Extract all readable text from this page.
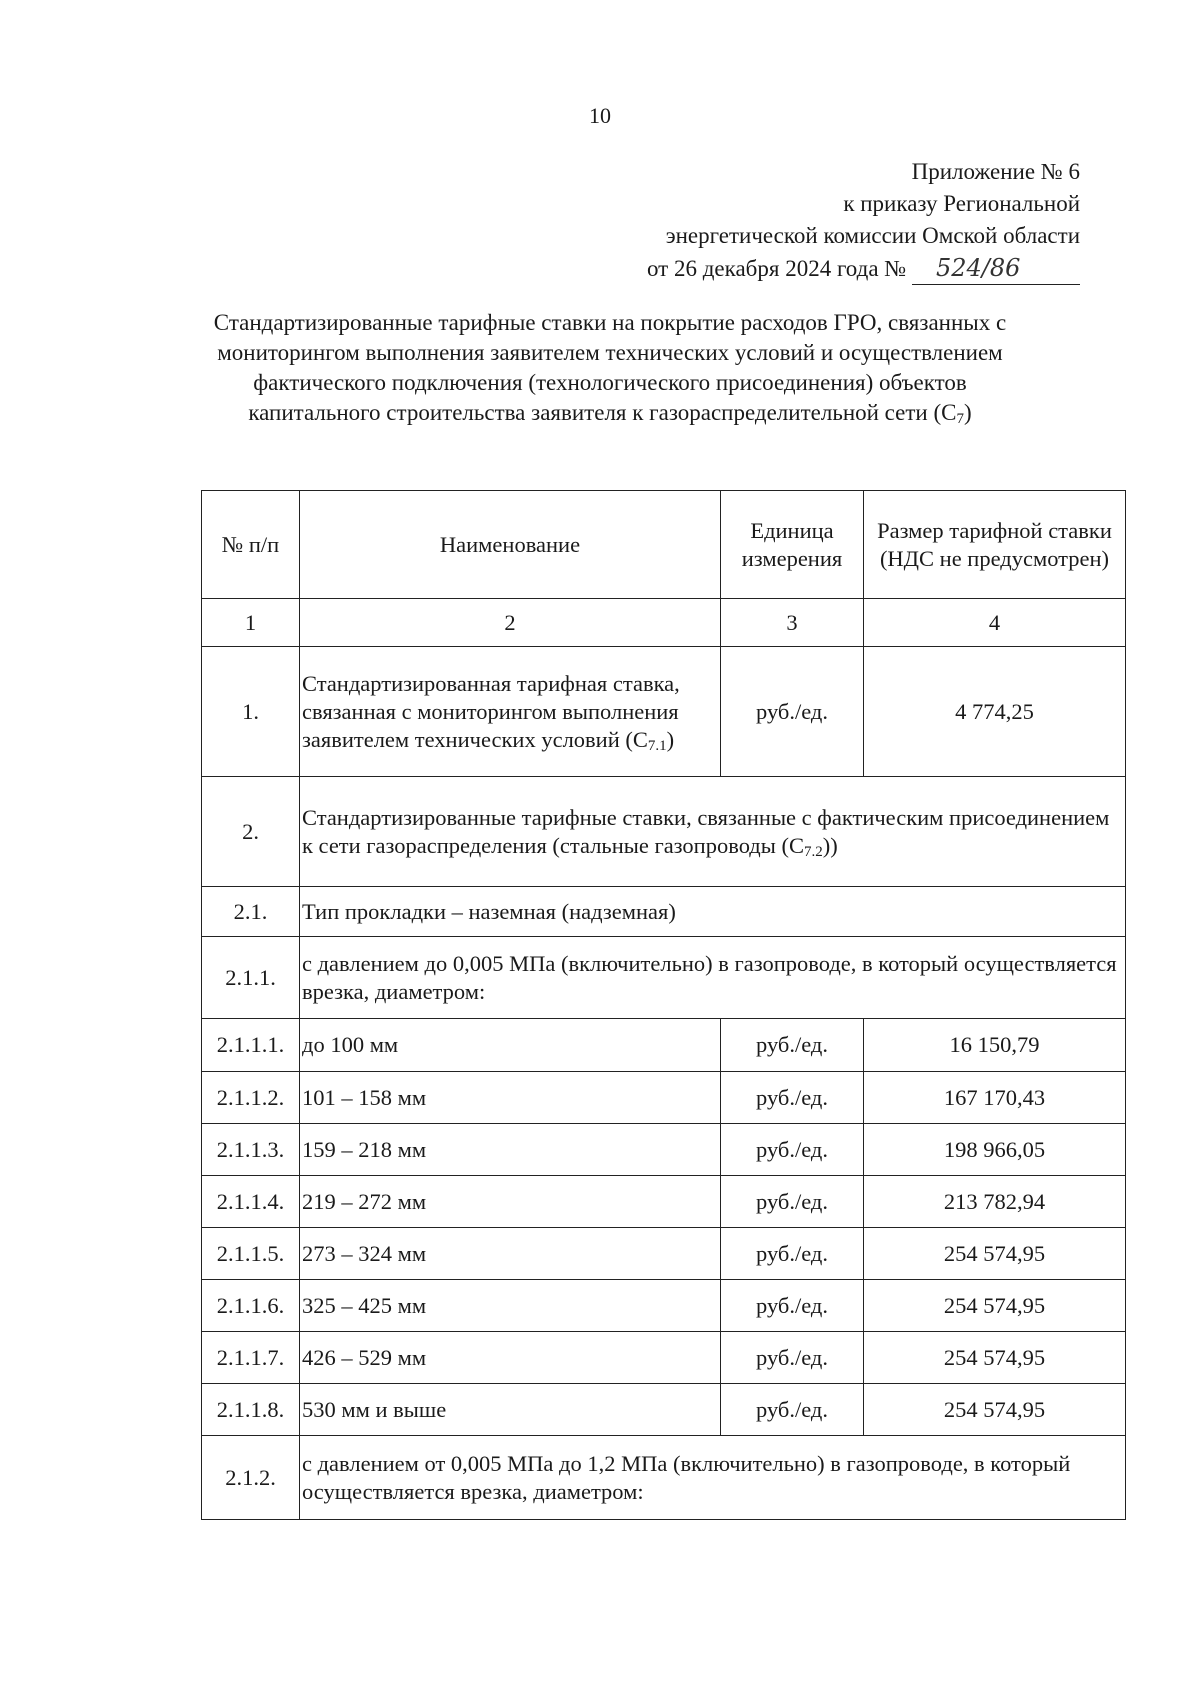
10
Приложение № 6
к приказу Региональной
энергетической комиссии Омской области
от 26 декабря 2024 года № 524/86
Стандартизированные тарифные ставки на покрытие расходов ГРО, связанных с мониторингом выполнения заявителем технических условий и осуществлением фактического подключения (технологического присоединения) объектов капитального строительства заявителя к газораспределительной сети $(С_7)$
№ п/п	Наименование	Единица измерения	Размер тарифной ставки (НДС не предусмотрен)
1	2	3	4
1.	Стандартизированная тарифная ставка, связанная с мониторингом выполнения заявителем технических условий $(С_{7.1})$	руб./ед.	4 774,25
2.	Стандартизированные тарифные ставки, связанные с фактическим присоединением к сети газораспределения (стальные газопроводы $(С_{7.2})$)		
2.1.	Тип прокладки – наземная (надземная)		
2.1.1.	с давлением до 0,005 МПа (включительно) в газопроводе, в который осуществляется врезка, диаметром:		
2.1.1.1.	до 100 мм	руб./ед.	16 150,79
2.1.1.2.	101 – 158 мм	руб./ед.	167 170,43
2.1.1.3.	159 – 218 мм	руб./ед.	198 966,05
2.1.1.4.	219 – 272 мм	руб./ед.	213 782,94
2.1.1.5.	273 – 324 мм	руб./ед.	254 574,95
2.1.1.6.	325 – 425 мм	руб./ед.	254 574,95
2.1.1.7.	426 – 529 мм	руб./ед.	254 574,95
2.1.1.8.	530 мм и выше	руб./ед.	254 574,95
2.1.2.	с давлением от 0,005 МПа до 1,2 МПа (включительно) в газопроводе, в который осуществляется врезка, диаметром:		
